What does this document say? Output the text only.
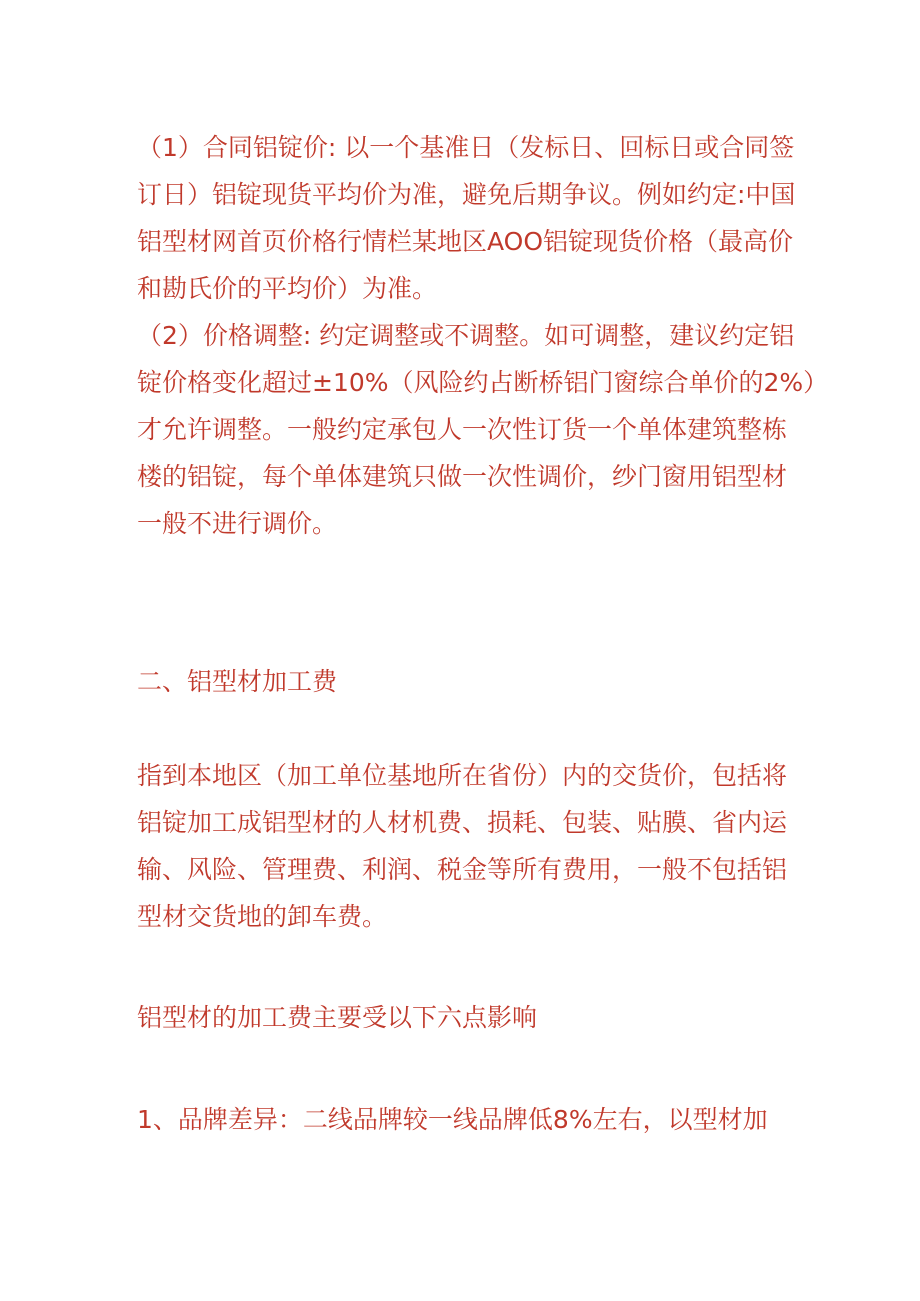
（1）合同铝锭价: 以一个基准日（发标日、回标日或合同签
订日）铝锭现货平均价为准，避免后期争议。例如约定:中国
铝型材网首页价格行情栏某地区AOO铝锭现货价格（最高价
和勘氏价的平均价）为准。
（2）价格调整: 约定调整或不调整。如可调整，建议约定铝
锭价格变化超过±10%（风险约占断桥铝门窗综合单价的2%）
才允许调整。一般约定承包人一次性订货一个单体建筑整栋
楼的铝锭，每个单体建筑只做一次性调价，纱门窗用铝型材
一般不进行调价。
二、铝型材加工费
指到本地区（加工单位基地所在省份）内的交货价，包括将
铝锭加工成铝型材的人材机费、损耗、包装、贴膜、省内运
输、风险、管理费、利润、税金等所有费用，一般不包括铝
型材交货地的卸车费。
铝型材的加工费主要受以下六点影响
1、品牌差异：二线品牌较一线品牌低8%左右，以型材加
